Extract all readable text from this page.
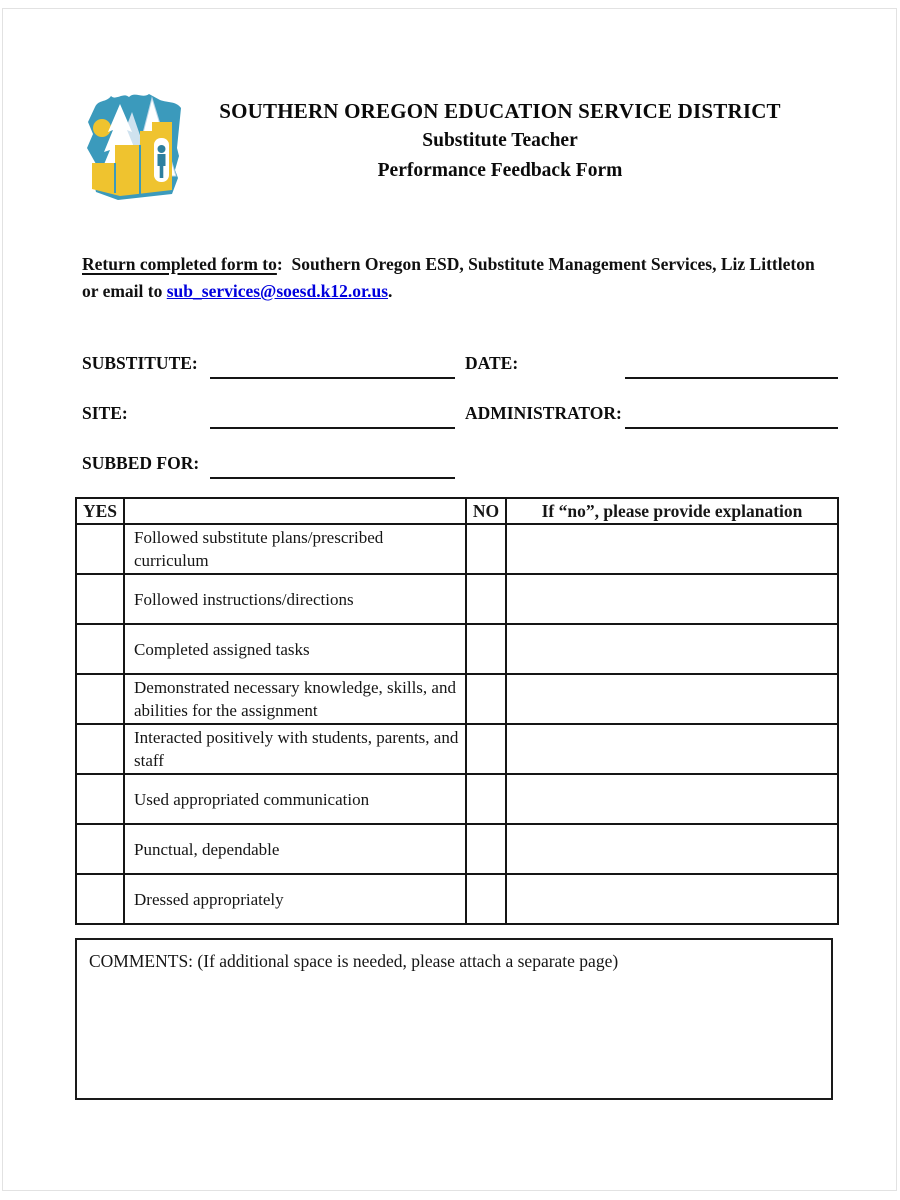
SOUTHERN OREGON EDUCATION SERVICE DISTRICT
Substitute Teacher
Performance Feedback Form

Return completed form to:  Southern Oregon ESD, Substitute Management Services, Liz Littleton or email to sub_services@soesd.k12.or.us.

SUBSTITUTE:	DATE:
SITE:	ADMINISTRATOR:
SUBBED FOR:
YES		NO	If “no”, please provide explanation
	Followed substitute plans/prescribed curriculum		
	Followed instructions/directions		
	Completed assigned tasks		
	Demonstrated necessary knowledge, skills, and abilities for the assignment		
	Interacted positively with students, parents, and staff		
	Used appropriated communication		
	Punctual, dependable		
	Dressed appropriately		
COMMENTS: (If additional space is needed, please attach a separate page)
